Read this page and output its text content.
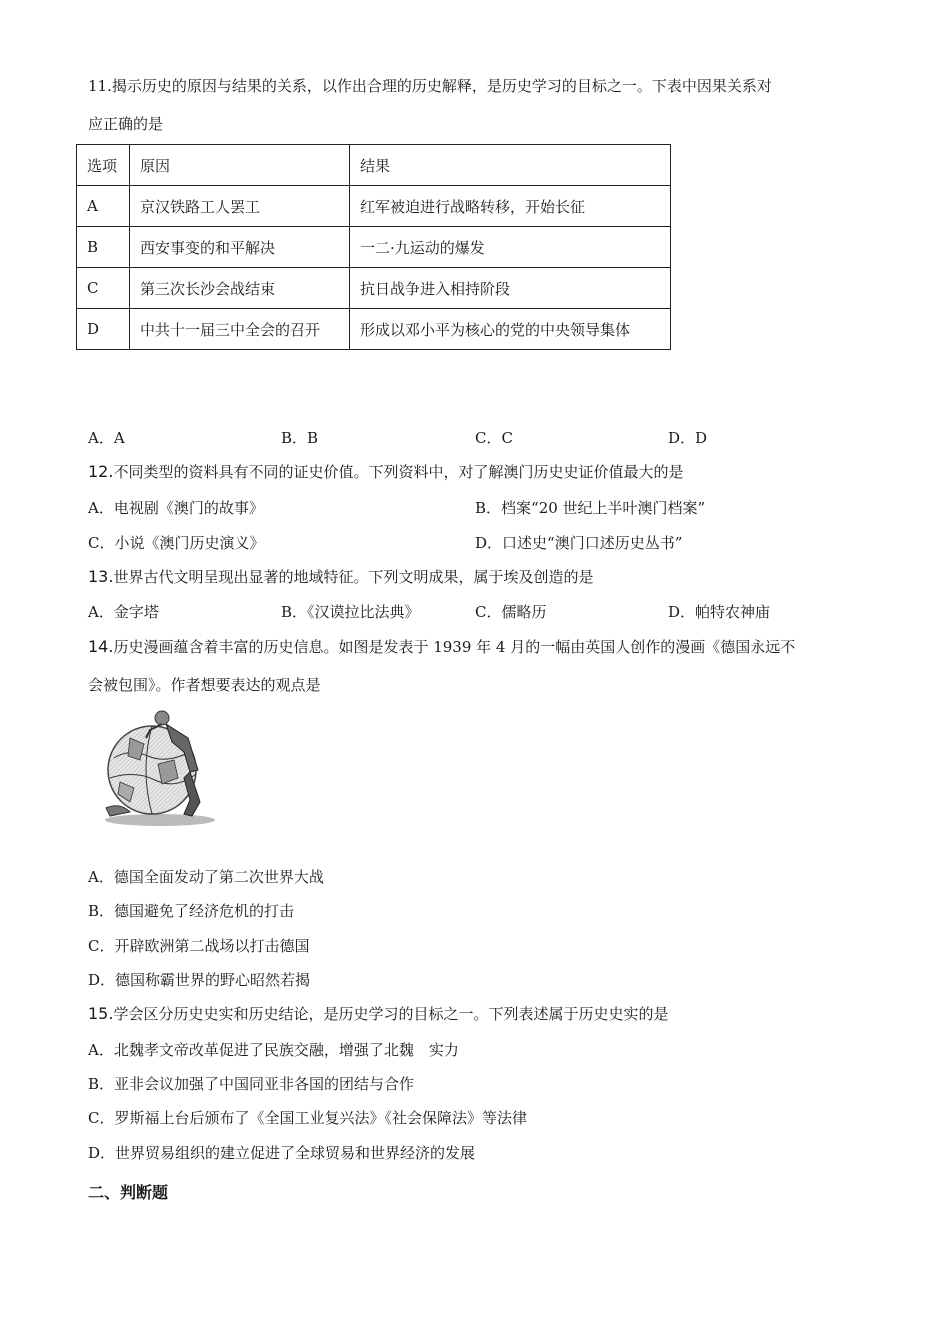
11.揭示历史的原因与结果的关系，以作出合理的历史解释，是历史学习的目标之一。下表中因果关系对
应正确的是
选项	原因	结果
A	京汉铁路工人罢工	红军被迫进行战略转移，开始长征
B	西安事变的和平解决	一二·九运动的爆发
C	第三次长沙会战结束	抗日战争进入相持阶段
D	中共十一届三中全会的召开	形成以邓小平为核心的党的中央领导集体
A．A	B．B	C．C	D．D
12.不同类型的资料具有不同的证史价值。下列资料中，对了解澳门历史史证价值最大的是
A．电视剧《澳门的故事》	B．档案“20 世纪上半叶澳门档案”
C．小说《澳门历史演义》	D．口述史“澳门口述历史丛书”
13.世界古代文明呈现出显著的地域特征。下列文明成果，属于埃及创造的是
A．金字塔	B．《汉谟拉比法典》	C．儒略历	D．帕特农神庙
14.历史漫画蕴含着丰富的历史信息。如图是发表于 1939 年 4 月的一幅由英国人创作的漫画《德国永远不
会被包围》。作者想要表达的观点是
A．德国全面发动了第二次世界大战
B．德国避免了经济危机的打击
C．开辟欧洲第二战场以打击德国
D．德国称霸世界的野心昭然若揭
15.学会区分历史史实和历史结论，是历史学习的目标之一。下列表述属于历史史实的是
A．北魏孝文帝改革促进了民族交融，增强了北魏　实力
B．亚非会议加强了中国同亚非各国的团结与合作
C．罗斯福上台后颁布了《全国工业复兴法》《社会保障法》等法律
D．世界贸易组织的建立促进了全球贸易和世界经济的发展
二、判断题
